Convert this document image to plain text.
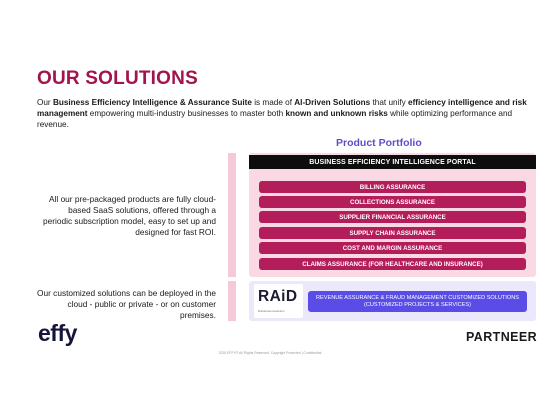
OUR SOLUTIONS

Our Business Efficiency Intelligence & Assurance Suite is made of AI-Driven Solutions that unify efficiency intelligence and risk management empowering multi-industry businesses to master both known and unknown risks while optimizing performance and revenue.

Product Portfolio
All our pre-packaged products are fully cloud-based SaaS solutions, offered through a periodic subscription model, easy to set up and designed for fast ROI.
Our customized solutions can be deployed in the cloud - public or private - or on customer premises.
BUSINESS EFFICIENCY INTELLIGENCE PORTAL
BILLING ASSURANCE
COLLECTIONS ASSURANCE
SUPPLIER FINANCIAL ASSURANCE
SUPPLY CHAIN ASSURANCE
COST AND MARGIN ASSURANCE
CLAIMS ASSURANCE (FOR HEALTHCARE AND INSURANCE)
RAiD
#raidcustomsolution
REVENUE ASSURANCE & FRAUD MANAGEMENT CUSTOMIZED SOLUTIONS
(CUSTOMIZED PROJECTS & SERVICES)
effy	PARTNEER
2025 EFFY® All Rights Reserved. Copyright Protected | Confidential
